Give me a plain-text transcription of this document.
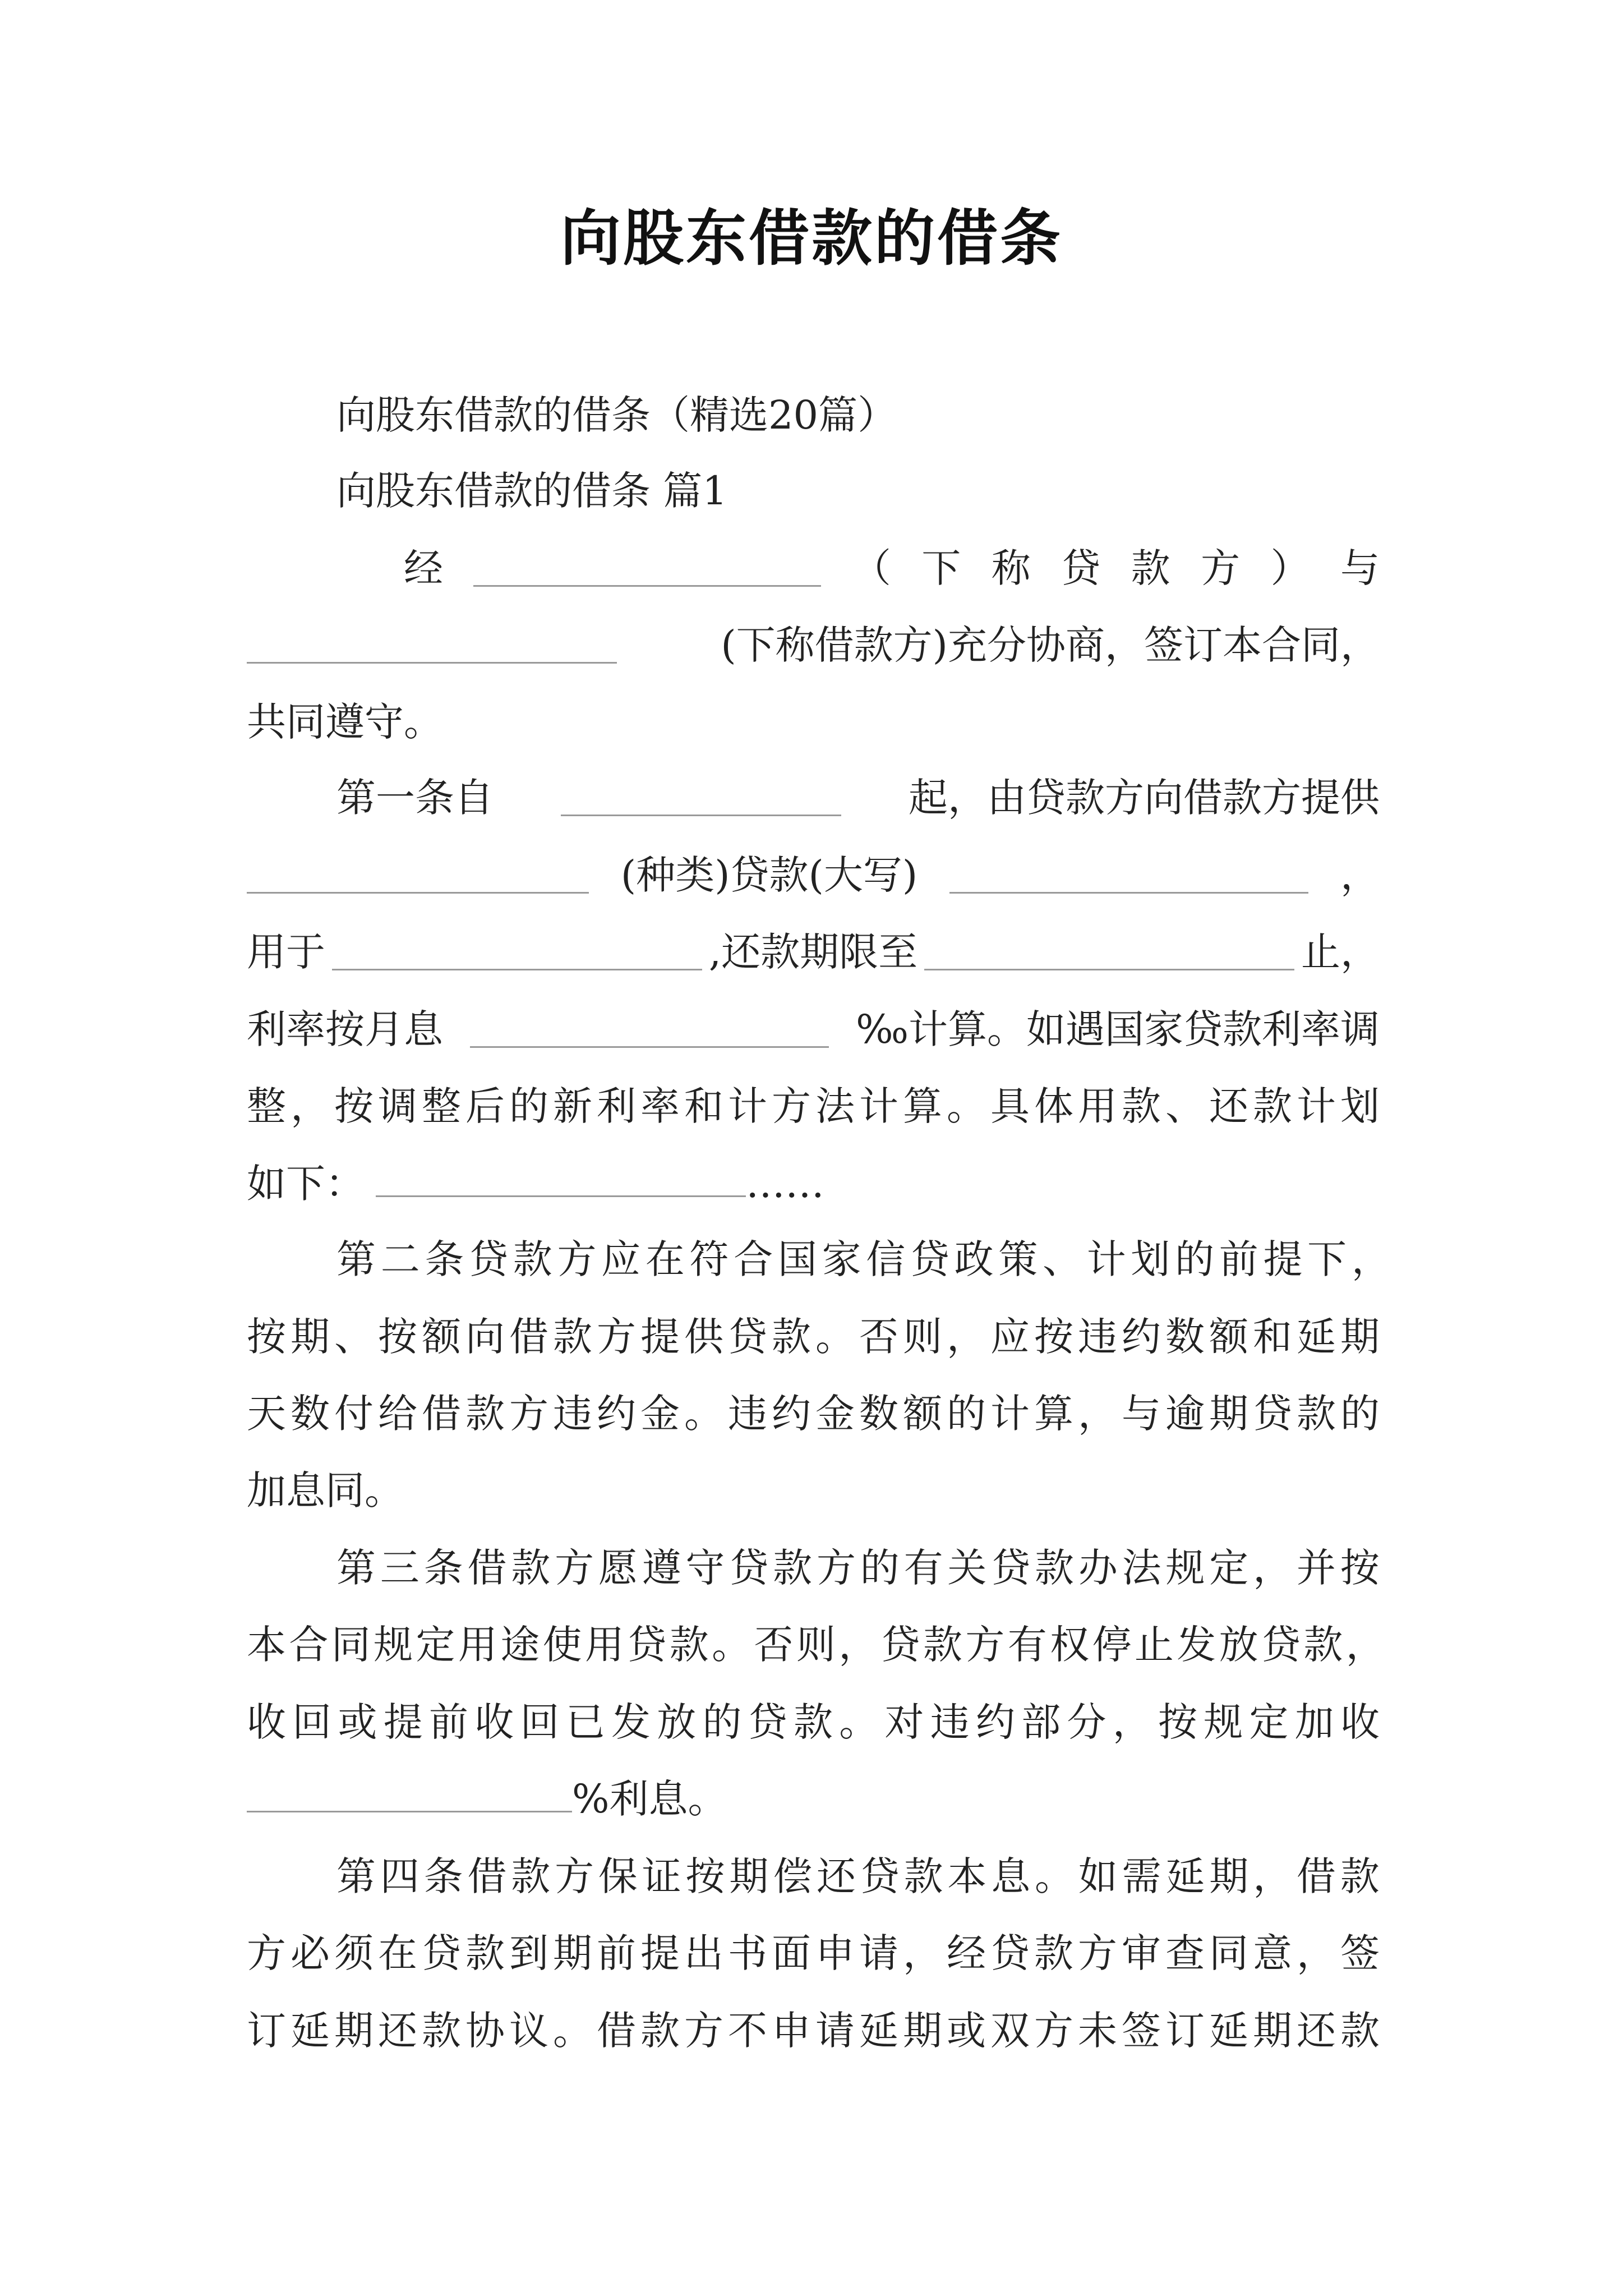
向股东借款的借条
向股东借款的借条（精选20篇）
向股东借款的借条 篇1
经	（ 下 称 贷 款 方 ） 与
(下称借款方)充分协商，签订本合同，
共同遵守。
第一条自	起，由贷款方向借款方提供
(种类)贷款(大写)	，
用于	,还款期限至	止，
利率按月息	‰计算。如遇国家贷款利率调
整 ， 按 调 整 后 的 新 利 率 和 计 方 法 计 算 。 具 体 用 款 、 还 款 计 划
如下：	……
第 二 条 贷 款 方 应 在 符 合 国 家 信 贷 政 策 、 计 划 的 前 提 下 ，
按 期 、 按 额 向 借 款 方 提 供 贷 款 。 否 则 ， 应 按 违 约 数 额 和 延 期
天 数 付 给 借 款 方 违 约 金 。 违 约 金 数 额 的 计 算 ， 与 逾 期 贷 款 的
加息同。
第 三 条 借 款 方 愿 遵 守 贷 款 方 的 有 关 贷 款 办 法 规 定 ， 并 按
本 合 同 规 定 用 途 使 用 贷 款 。 否 则 ， 贷 款 方 有 权 停 止 发 放 贷 款 ，
收 回 或 提 前 收 回 已 发 放 的 贷 款 。 对 违 约 部 分 ， 按 规 定 加 收
%利息。
第 四 条 借 款 方 保 证 按 期 偿 还 贷 款 本 息 。 如 需 延 期 ， 借 款
方 必 须 在 贷 款 到 期 前 提 出 书 面 申 请 ， 经 贷 款 方 审 查 同 意 ， 签
订 延 期 还 款 协 议 。 借 款 方 不 申 请 延 期 或 双 方 未 签 订 延 期 还 款
